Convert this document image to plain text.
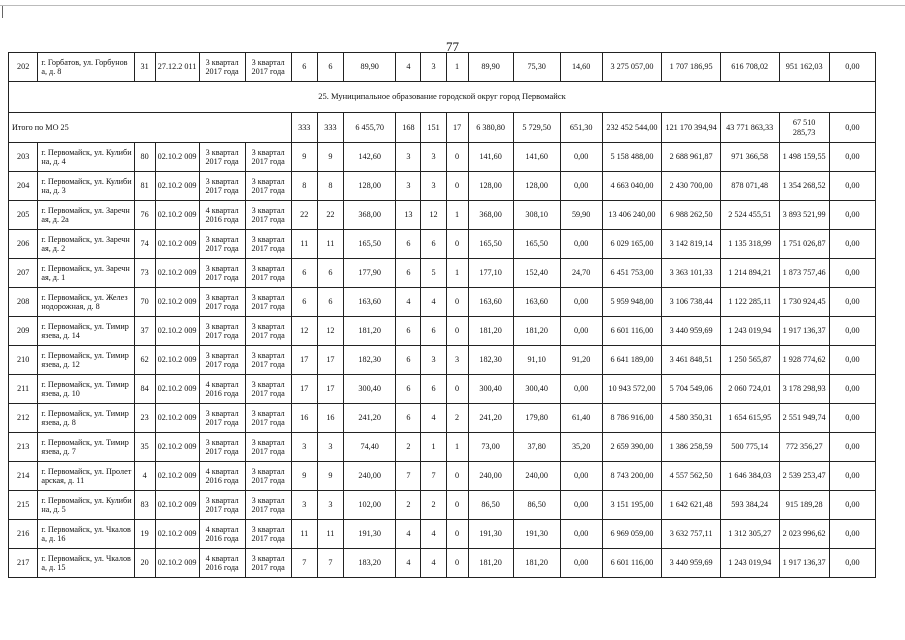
77
202	г. Горбатов, ул. Горбунова, д. 8	31	27.12.2 011	3 квартал 2017 года	3 квартал 2017 года	6	6	89,90	4	3	1	89,90	75,30	14,60	3 275 057,00	1 707 186,95	616 708,02	951 162,03	0,00
25. Муниципальное образование городской округ город Первомайск																			
Итого по МО 25						333	333	6 455,70	168	151	17	6 380,80	5 729,50	651,30	232 452 544,00	121 170 394,94	43 771 863,33	67 510 285,73	0,00
203	г. Первомайск, ул. Кулибина, д. 4	80	02.10.2 009	3 квартал 2017 года	3 квартал 2017 года	9	9	142,60	3	3	0	141,60	141,60	0,00	5 158 488,00	2 688 961,87	971 366,58	1 498 159,55	0,00
204	г. Первомайск, ул. Кулибина, д. 3	81	02.10.2 009	3 квартал 2017 года	3 квартал 2017 года	8	8	128,00	3	3	0	128,00	128,00	0,00	4 663 040,00	2 430 700,00	878 071,48	1 354 268,52	0,00
205	г. Первомайск, ул. Заречная, д. 2а	76	02.10.2 009	4 квартал 2016 года	3 квартал 2017 года	22	22	368,00	13	12	1	368,00	308,10	59,90	13 406 240,00	6 988 262,50	2 524 455,51	3 893 521,99	0,00
206	г. Первомайск, ул. Заречная, д. 2	74	02.10.2 009	3 квартал 2017 года	3 квартал 2017 года	11	11	165,50	6	6	0	165,50	165,50	0,00	6 029 165,00	3 142 819,14	1 135 318,99	1 751 026,87	0,00
207	г. Первомайск, ул. Заречная, д. 1	73	02.10.2 009	3 квартал 2017 года	3 квартал 2017 года	6	6	177,90	6	5	1	177,10	152,40	24,70	6 451 753,00	3 363 101,33	1 214 894,21	1 873 757,46	0,00
208	г. Первомайск, ул. Железнодорожная, д. 8	70	02.10.2 009	3 квартал 2017 года	3 квартал 2017 года	6	6	163,60	4	4	0	163,60	163,60	0,00	5 959 948,00	3 106 738,44	1 122 285,11	1 730 924,45	0,00
209	г. Первомайск, ул. Тимирязева, д. 14	37	02.10.2 009	3 квартал 2017 года	3 квартал 2017 года	12	12	181,20	6	6	0	181,20	181,20	0,00	6 601 116,00	3 440 959,69	1 243 019,94	1 917 136,37	0,00
210	г. Первомайск, ул. Тимирязева, д. 12	62	02.10.2 009	3 квартал 2017 года	3 квартал 2017 года	17	17	182,30	6	3	3	182,30	91,10	91,20	6 641 189,00	3 461 848,51	1 250 565,87	1 928 774,62	0,00
211	г. Первомайск, ул. Тимирязева, д. 10	84	02.10.2 009	4 квартал 2016 года	3 квартал 2017 года	17	17	300,40	6	6	0	300,40	300,40	0,00	10 943 572,00	5 704 549,06	2 060 724,01	3 178 298,93	0,00
212	г. Первомайск, ул. Тимирязева, д. 8	23	02.10.2 009	3 квартал 2017 года	3 квартал 2017 года	16	16	241,20	6	4	2	241,20	179,80	61,40	8 786 916,00	4 580 350,31	1 654 615,95	2 551 949,74	0,00
213	г. Первомайск, ул. Тимирязева, д. 7	35	02.10.2 009	3 квартал 2017 года	3 квартал 2017 года	3	3	74,40	2	1	1	73,00	37,80	35,20	2 659 390,00	1 386 258,59	500 775,14	772 356,27	0,00
214	г. Первомайск, ул. Пролетарская, д. 11	4	02.10.2 009	4 квартал 2016 года	3 квартал 2017 года	9	9	240,00	7	7	0	240,00	240,00	0,00	8 743 200,00	4 557 562,50	1 646 384,03	2 539 253,47	0,00
215	г. Первомайск, ул. Кулибина, д. 5	83	02.10.2 009	3 квартал 2017 года	3 квартал 2017 года	3	3	102,00	2	2	0	86,50	86,50	0,00	3 151 195,00	1 642 621,48	593 384,24	915 189,28	0,00
216	г. Первомайск, ул. Чкалова, д. 16	19	02.10.2 009	4 квартал 2016 года	3 квартал 2017 года	11	11	191,30	4	4	0	191,30	191,30	0,00	6 969 059,00	3 632 757,11	1 312 305,27	2 023 996,62	0,00
217	г. Первомайск, ул. Чкалова, д. 15	20	02.10.2 009	4 квартал 2016 года	3 квартал 2017 года	7	7	183,20	4	4	0	181,20	181,20	0,00	6 601 116,00	3 440 959,69	1 243 019,94	1 917 136,37	0,00
